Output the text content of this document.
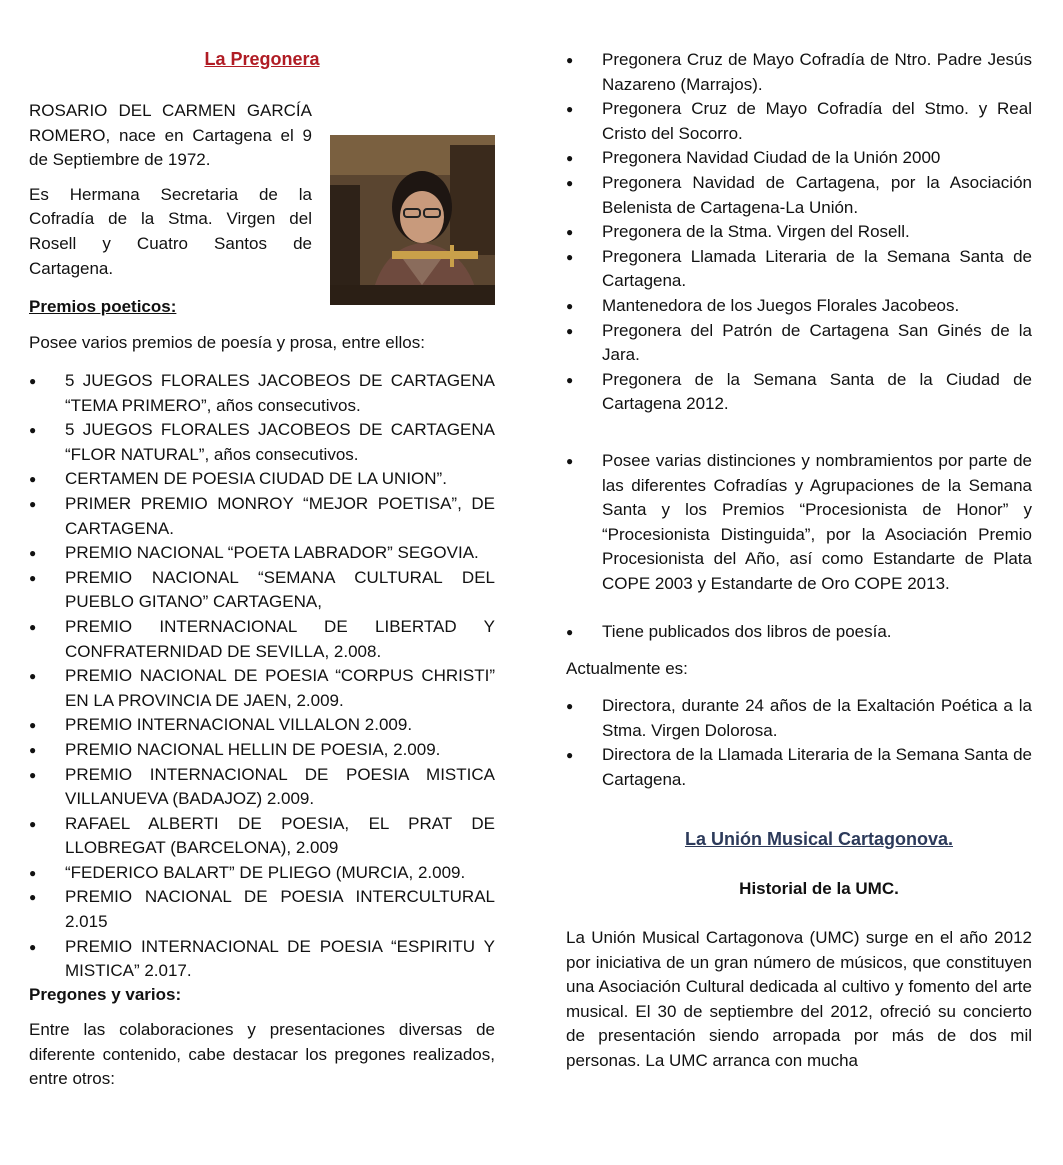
La Pregonera

ROSARIO DEL CARMEN GARCÍA ROMERO, nace en Cartagena el 9 de Septiembre de 1972.

Es Hermana Secretaria de la Cofradía de la Stma. Virgen del Rosell y Cuatro Santos de Cartagena.

Premios poeticos:

Posee varios premios de poesía y prosa, entre ellos:

● 5 JUEGOS FLORALES JACOBEOS DE CARTAGENA “TEMA PRIMERO”, años consecutivos.
● 5 JUEGOS FLORALES JACOBEOS DE CARTAGENA “FLOR NATURAL”, años consecutivos.
● CERTAMEN DE POESIA CIUDAD DE LA UNION”.
● PRIMER PREMIO MONROY “MEJOR POETISA”, DE CARTAGENA.
● PREMIO NACIONAL “POETA LABRADOR” SEGOVIA.
● PREMIO NACIONAL “SEMANA CULTURAL DEL PUEBLO GITANO” CARTAGENA,
● PREMIO INTERNACIONAL DE LIBERTAD Y CONFRATERNIDAD DE SEVILLA, 2.008.
● PREMIO NACIONAL DE POESIA “CORPUS CHRISTI” EN LA PROVINCIA DE JAEN, 2.009.
● PREMIO INTERNACIONAL VILLALON 2.009.
● PREMIO NACIONAL HELLIN DE POESIA, 2.009.
● PREMIO INTERNACIONAL DE POESIA MISTICA VILLANUEVA (BADAJOZ) 2.009.
● RAFAEL ALBERTI DE POESIA, EL PRAT DE LLOBREGAT (BARCELONA), 2.009
● “FEDERICO BALART” DE PLIEGO (MURCIA, 2.009.
● PREMIO NACIONAL DE POESIA INTERCULTURAL 2.015
● PREMIO INTERNACIONAL DE POESIA “ESPIRITU Y MISTICA” 2.017.
Pregones y varios:

Entre las colaboraciones y presentaciones diversas de diferente contenido, cabe destacar los pregones realizados, entre otros:

● Pregonera Cruz de Mayo Cofradía de Ntro. Padre Jesús Nazareno (Marrajos).
● Pregonera Cruz de Mayo Cofradía del Stmo. y Real Cristo del Socorro.
● Pregonera Navidad Ciudad de la Unión 2000
● Pregonera Navidad de Cartagena, por la Asociación Belenista de Cartagena-La Unión.
● Pregonera de la Stma. Virgen del Rosell.
● Pregonera Llamada Literaria de la Semana Santa de Cartagena.
● Mantenedora de los Juegos Florales Jacobeos.
● Pregonera del Patrón de Cartagena San Ginés de la Jara.
● Pregonera de la Semana Santa de la Ciudad de Cartagena 2012.
● Posee varias distinciones y nombramientos por parte de las diferentes Cofradías y Agrupaciones de la Semana Santa y los Premios “Procesionista de Honor” y “Procesionista Distinguida”, por la Asociación Premio Procesionista del Año, así como Estandarte de Plata COPE 2003 y Estandarte de Oro COPE 2013.
● Tiene publicados dos libros de poesía.

Actualmente es:

● Directora, durante 24 años de la Exaltación Poética a la Stma. Virgen Dolorosa.
● Directora de la Llamada Literaria de la Semana Santa de Cartagena.
La Unión Musical Cartagonova.
Historial de la UMC.

La Unión Musical Cartagonova (UMC) surge en el año 2012 por iniciativa de un gran número de músicos, que constituyen una Asociación Cultural dedicada al cultivo y fomento del arte musical. El 30 de septiembre del 2012, ofreció su concierto de presentación siendo arropada por más de dos mil personas. La UMC arranca con mucha
